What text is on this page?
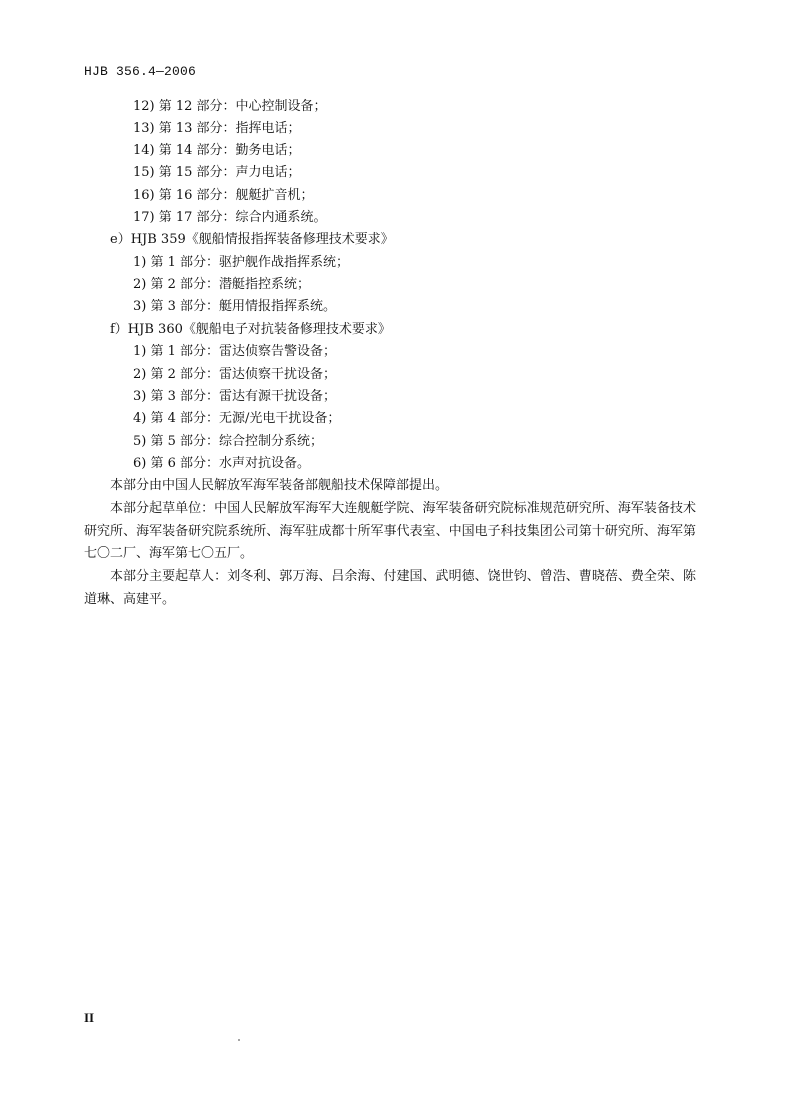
HJB 356.4—2006
12) 第 12 部分：中心控制设备；
13) 第 13 部分：指挥电话；
14) 第 14 部分：勤务电话；
15) 第 15 部分：声力电话；
16) 第 16 部分：舰艇扩音机；
17) 第 17 部分：综合内通系统。
e）HJB 359《舰船情报指挥装备修理技术要求》
1) 第 1 部分：驱护舰作战指挥系统；
2) 第 2 部分：潜艇指控系统；
3) 第 3 部分：艇用情报指挥系统。
f）HJB 360《舰船电子对抗装备修理技术要求》
1) 第 1 部分：雷达侦察告警设备；
2) 第 2 部分：雷达侦察干扰设备；
3) 第 3 部分：雷达有源干扰设备；
4) 第 4 部分：无源/光电干扰设备；
5) 第 5 部分：综合控制分系统；
6) 第 6 部分：水声对抗设备。
本部分由中国人民解放军海军装备部舰船技术保障部提出。
本部分起草单位：中国人民解放军海军大连舰艇学院、海军装备研究院标准规范研究所、海军装备技术研究所、海军装备研究院系统所、海军驻成都十所军事代表室、中国电子科技集团公司第十研究所、海军第七〇二厂、海军第七〇五厂。
本部分主要起草人：刘冬利、郭万海、吕余海、付建国、武明德、饶世钧、曾浩、曹晓蓓、费全荣、陈道琳、高建平。
II
